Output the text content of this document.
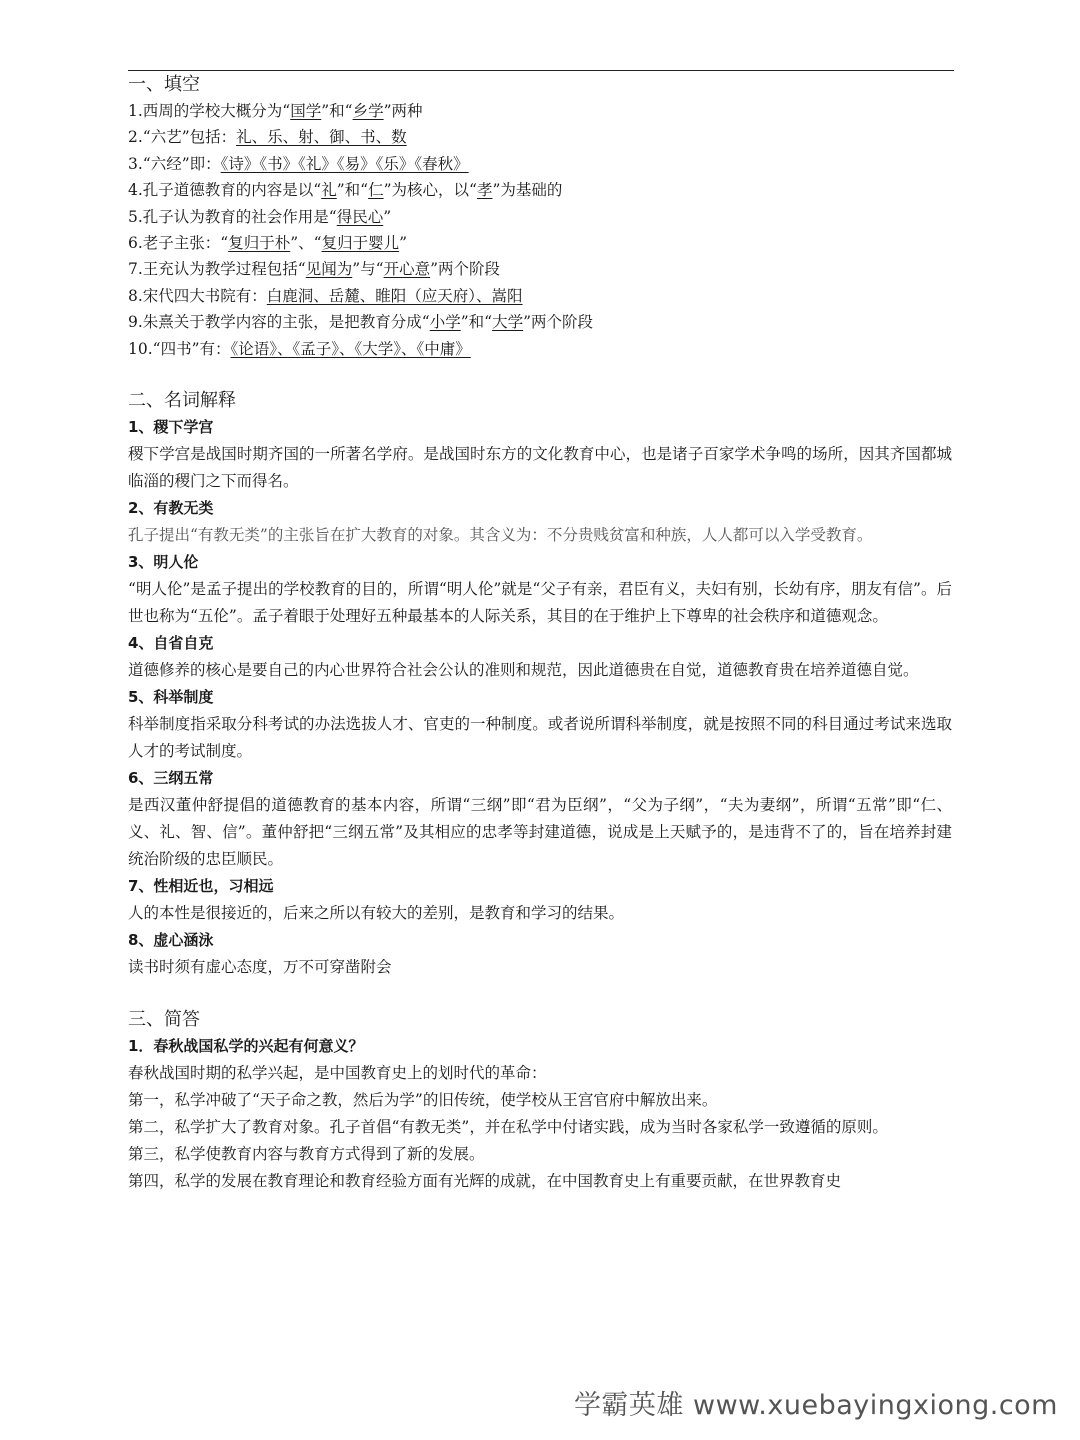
一、填空

1.西周的学校大概分为“国学”和“乡学”两种

2.“六艺”包括：礼、乐、射、御、书、数

3.“六经”即：《诗》《书》《礼》《易》《乐》《春秋》

4.孔子道德教育的内容是以“礼”和“仁”为核心，以“孝”为基础的

5.孔子认为教育的社会作用是“得民心”

6.老子主张：“复归于朴”、“复归于婴儿”

7.王充认为教学过程包括“见闻为”与“开心意”两个阶段

8.宋代四大书院有：白鹿洞、岳麓、睢阳（应天府）、嵩阳

9.朱熹关于教学内容的主张，是把教育分成“小学”和“大学”两个阶段

10.“四书”有：《论语》、《孟子》、《大学》、《中庸》

二、名词解释

1、稷下学宫

稷下学宫是战国时期齐国的一所著名学府。是战国时东方的文化教育中心，也是诸子百家学术争鸣的场所，因其齐国都城临淄的稷门之下而得名。

2、有教无类

孔子提出“有教无类”的主张旨在扩大教育的对象。其含义为：不分贵贱贫富和种族，人人都可以入学受教育。

3、明人伦

“明人伦”是孟子提出的学校教育的目的，所谓“明人伦”就是“父子有亲，君臣有义，夫妇有别，长幼有序，朋友有信”。后世也称为“五伦”。孟子着眼于处理好五种最基本的人际关系，其目的在于维护上下尊卑的社会秩序和道德观念。

4、自省自克

道德修养的核心是要自己的内心世界符合社会公认的准则和规范，因此道德贵在自觉，道德教育贵在培养道德自觉。

5、科举制度

科举制度指采取分科考试的办法选拔人才、官吏的一种制度。或者说所谓科举制度，就是按照不同的科目通过考试来选取人才的考试制度。

6、三纲五常

是西汉董仲舒提倡的道德教育的基本内容，所谓“三纲”即“君为臣纲”，“父为子纲”，“夫为妻纲”，所谓“五常”即“仁、义、礼、智、信”。董仲舒把“三纲五常”及其相应的忠孝等封建道德，说成是上天赋予的，是违背不了的，旨在培养封建统治阶级的忠臣顺民。

7、性相近也，习相远

人的本性是很接近的，后来之所以有较大的差别，是教育和学习的结果。

8、虚心涵泳

读书时须有虚心态度，万不可穿凿附会

三、简答

1．春秋战国私学的兴起有何意义？

春秋战国时期的私学兴起，是中国教育史上的划时代的革命：

第一，私学冲破了“天子命之教，然后为学”的旧传统，使学校从王宫官府中解放出来。

第二，私学扩大了教育对象。孔子首倡“有教无类”，并在私学中付诸实践，成为当时各家私学一致遵循的原则。

第三，私学使教育内容与教育方式得到了新的发展。

第四，私学的发展在教育理论和教育经验方面有光辉的成就，在中国教育史上有重要贡献，在世界教育史

学霸英雄 www.xuebayingxiong.com
